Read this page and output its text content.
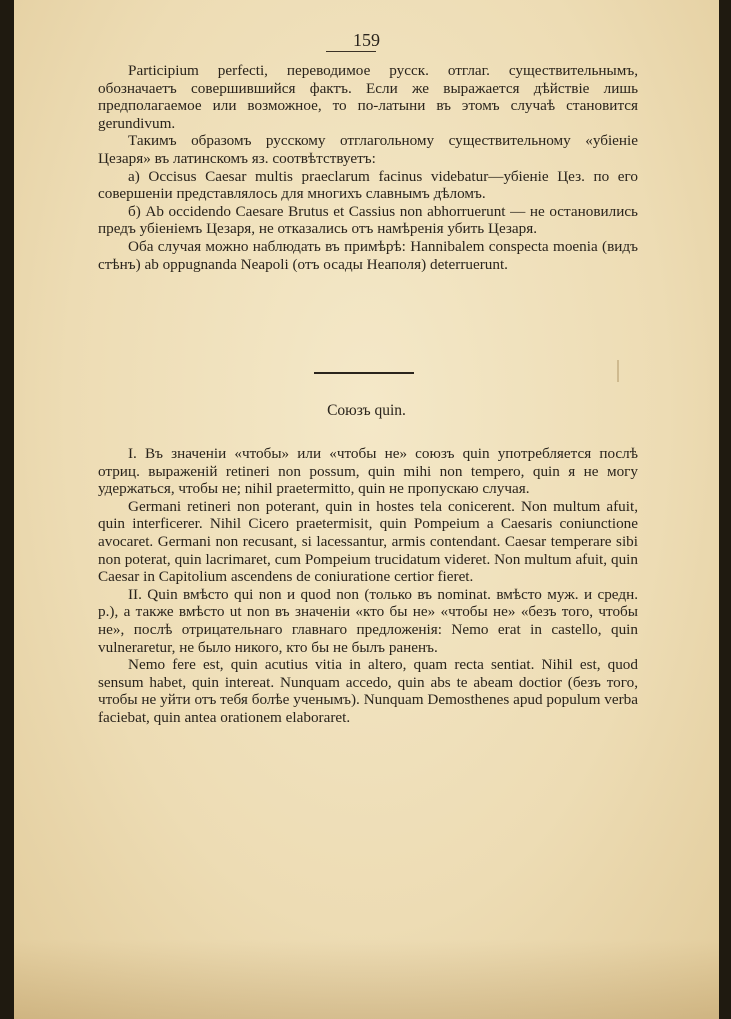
159

Participium perfecti, переводимое русск. отглаг. существительнымъ, обозначаетъ совершившийся фактъ. Если же выражается дѣйствіе лишь предполагаемое или возможное, то по-латыни въ этомъ случаѣ становится gerundivum.

Такимъ образомъ русскому отглагольному существительному «убіеніе Цезаря» въ латинскомъ яз. соотвѣтствуетъ:

а) Occisus Caesar multis praeclarum facinus videbatur—убіеніе Цез. по его совершеніи представлялось для многихъ славнымъ дѣломъ.

б) Ab occidendo Caesare Brutus et Cassius non abhorruerunt — не остановились предъ убіеніемъ Цезаря, не отказались отъ намѣренія убить Цезаря.

Оба случая можно наблюдать въ примѣрѣ: Hannibalem conspecta moenia (видъ стѣнъ) ab oppugnanda Neapoli (отъ осады Неаполя) deterruerunt.

Союзъ quin.

I. Въ значеніи «чтобы» или «чтобы не» союзъ quin употребляется послѣ отриц. выраженій retineri non possum, quin mihi non tempero, quin я не могу удержаться, чтобы не; nihil praetermitto, quin не пропускаю случая.

Germani retineri non poterant, quin in hostes tela conicerent. Non multum afuit, quin interficerer. Nihil Cicero praetermisit, quin Pompeium a Caesaris coniunctione avocaret. Germani non recusant, si lacessantur, armis contendant. Caesar temperare sibi non poterat, quin lacrimaret, cum Pompeium trucidatum videret. Non multum afuit, quin Caesar in Capitolium ascendens de coniuratione certior fieret.

II. Quin вмѣсто qui non и quod non (только въ nominat. вмѣсто муж. и средн. р.), а также вмѣсто ut non въ значеніи «кто бы не» «чтобы не» «безъ того, чтобы не», послѣ отрицательнаго главнаго предложенія: Nemo erat in castello, quin vulneraretur, не было никого, кто бы не былъ раненъ.

Nemo fere est, quin acutius vitia in altero, quam recta sentiat. Nihil est, quod sensum habet, quin intereat. Nunquam accedo, quin abs te abeam doctior (безъ того, чтобы не уйти отъ тебя болѣе ученымъ). Nunquam Demosthenes apud populum verba faciebat, quin antea orationem elaboraret.
